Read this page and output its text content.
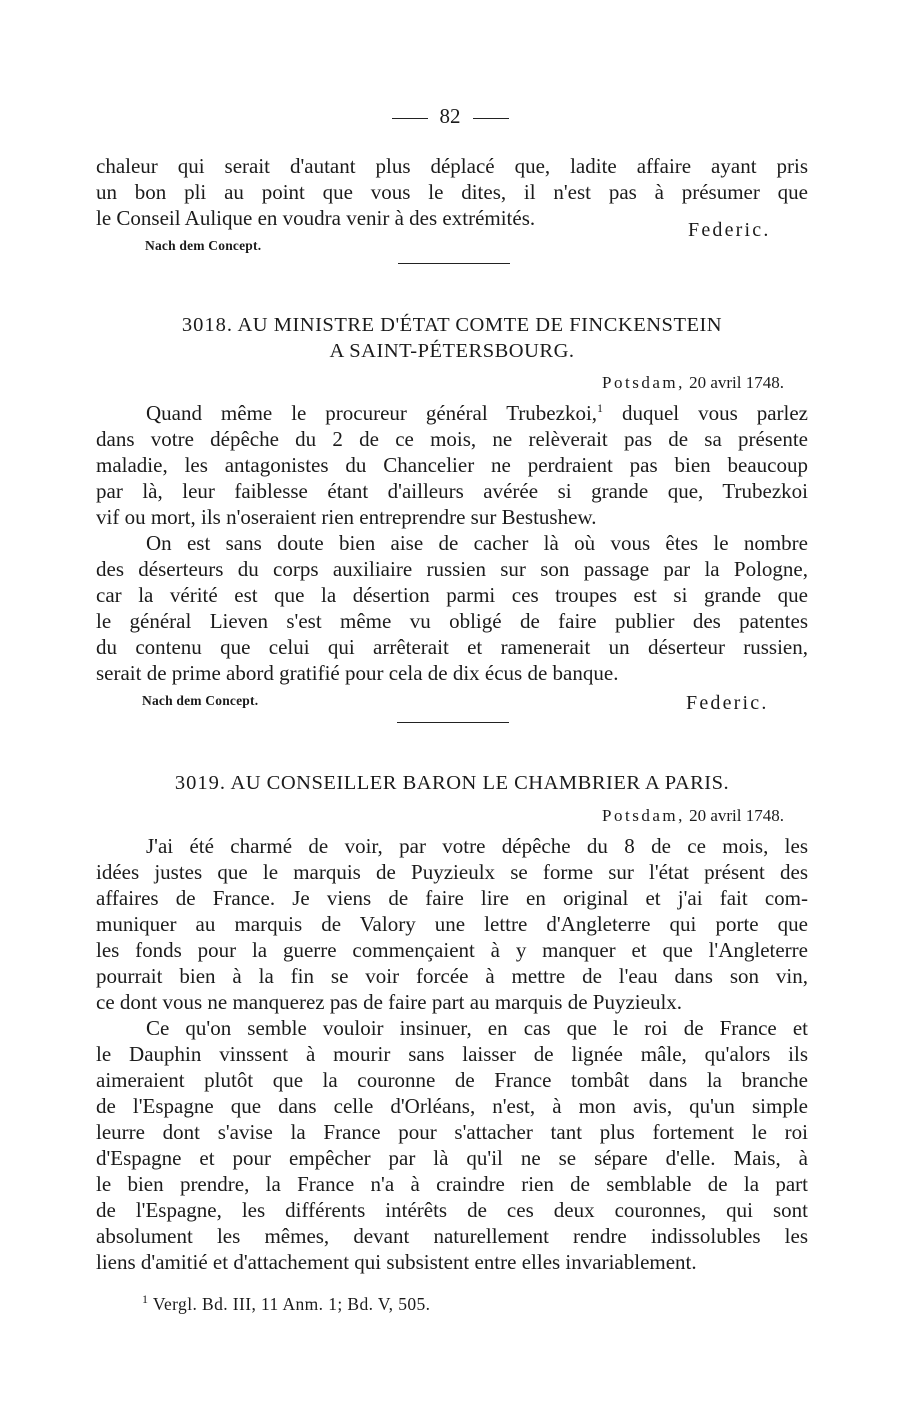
82
chaleur qui serait d'autant plus déplacé que, ladite affaire ayant pris
un bon pli au point que vous le dites, il n'est pas à présumer que
le Conseil Aulique en voudra venir à des extrémités.
Nach dem Concept.
Federic.
3018. AU MINISTRE D'ÉTAT COMTE DE FINCKENSTEIN
A SAINT-PÉTERSBOURG.
Potsdam, 20 avril 1748.
Quand même le procureur général Trubezkoi,$^1$ duquel vous parlez
dans votre dépêche du 2 de ce mois, ne relèverait pas de sa présente
maladie, les antagonistes du Chancelier ne perdraient pas bien beaucoup
par là, leur faiblesse étant d'ailleurs avérée si grande que, Trubezkoi
vif ou mort, ils n'oseraient rien entreprendre sur Bestushew.
On est sans doute bien aise de cacher là où vous êtes le nombre
des déserteurs du corps auxiliaire russien sur son passage par la Pologne,
car la vérité est que la désertion parmi ces troupes est si grande que
le général Lieven s'est même vu obligé de faire publier des patentes
du contenu que celui qui arrêterait et ramenerait un déserteur russien,
serait de prime abord gratifié pour cela de dix écus de banque.
Nach dem Concept.	Federic.
3019. AU CONSEILLER BARON LE CHAMBRIER A PARIS.
Potsdam, 20 avril 1748.
J'ai été charmé de voir, par votre dépêche du 8 de ce mois, les
idées justes que le marquis de Puyzieulx se forme sur l'état présent des
affaires de France. Je viens de faire lire en original et j'ai fait com-
muniquer au marquis de Valory une lettre d'Angleterre qui porte que
les fonds pour la guerre commençaient à y manquer et que l'Angleterre
pourrait bien à la fin se voir forcée à mettre de l'eau dans son vin,
ce dont vous ne manquerez pas de faire part au marquis de Puyzieulx.
Ce qu'on semble vouloir insinuer, en cas que le roi de France et
le Dauphin vinssent à mourir sans laisser de lignée mâle, qu'alors ils
aimeraient plutôt que la couronne de France tombât dans la branche
de l'Espagne que dans celle d'Orléans, n'est, à mon avis, qu'un simple
leurre dont s'avise la France pour s'attacher tant plus fortement le roi
d'Espagne et pour empêcher par là qu'il ne se sépare d'elle. Mais, à
le bien prendre, la France n'a à craindre rien de semblable de la part
de l'Espagne, les différents intérêts de ces deux couronnes, qui sont
absolument les mêmes, devant naturellement rendre indissolubles les
liens d'amitié et d'attachement qui subsistent entre elles invariablement.
$^1$ Vergl. Bd. III, 11 Anm. 1; Bd. V, 505.
